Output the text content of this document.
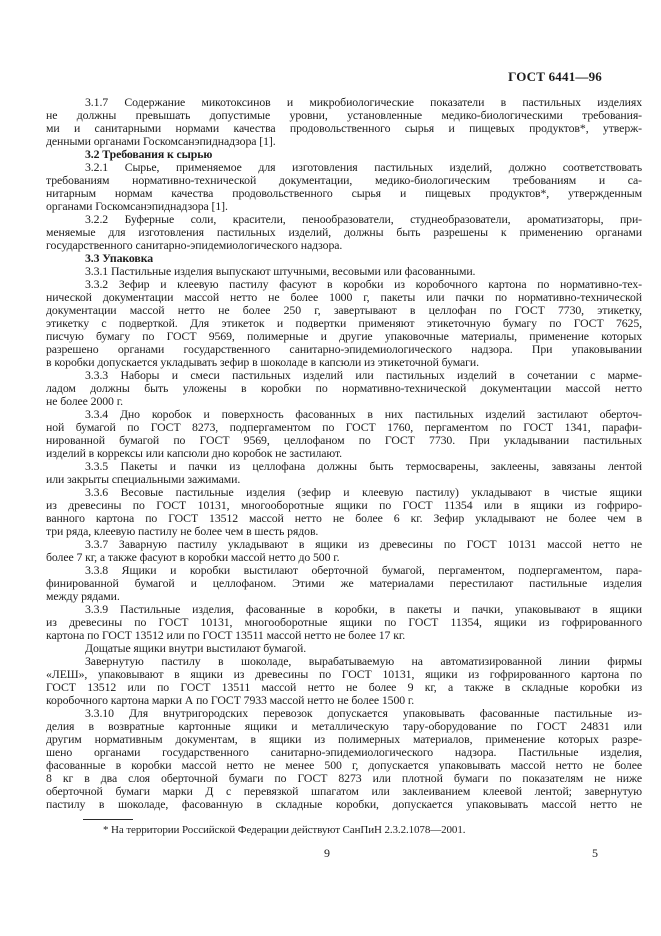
ГОСТ 6441—96
3.1.7 Содержание микотоксинов и микробиологические показатели в пастильных изделиях
не должны превышать допустимые уровни, установленные медико-биологическими требования-
ми и санитарными нормами качества продовольственного сырья и пищевых продуктов*, утверж-
денными органами Госкомсанэпиднадзора [1].
3.2 Требования к сырью
3.2.1 Сырье, применяемое для изготовления пастильных изделий, должно соответствовать
требованиям нормативно-технической документации, медико-биологическим требованиям и са-
нитарным нормам качества продовольственного сырья и пищевых продуктов*, утвержденным
органами Госкомсанэпиднадзора [1].
3.2.2 Буферные соли, красители, пенообразователи, студнеобразователи, ароматизаторы, при-
меняемые для изготовления пастильных изделий, должны быть разрешены к применению органами
государственного санитарно-эпидемиологического надзора.
3.3 Упаковка
3.3.1 Пастильные изделия выпускают штучными, весовыми или фасованными.
3.3.2 Зефир и клеевую пастилу фасуют в коробки из коробочного картона по нормативно-тех-
нической документации массой нетто не более 1000 г, пакеты или пачки по нормативно-технической
документации массой нетто не более 250 г, завертывают в целлофан по ГОСТ 7730, этикетку,
этикетку с подверткой. Для этикеток и подвертки применяют этикеточную бумагу по ГОСТ 7625,
писчую бумагу по ГОСТ 9569, полимерные и другие упаковочные материалы, применение которых
разрешено органами государственного санитарно-эпидемиологического надзора. При упаковывании
в коробки допускается укладывать зефир в шоколаде в капсюли из этикеточной бумаги.
3.3.3 Наборы и смеси пастильных изделий или пастильных изделий в сочетании с марме-
ладом должны быть уложены в коробки по нормативно-технической документации массой нетто
не более 2000 г.
3.3.4 Дно коробок и поверхность фасованных в них пастильных изделий застилают оберточ-
ной бумагой по ГОСТ 8273, подпергаментом по ГОСТ 1760, пергаментом по ГОСТ 1341, парафи-
нированной бумагой по ГОСТ 9569, целлофаном по ГОСТ 7730. При укладывании пастильных
изделий в коррексы или капсюли дно коробок не застилают.
3.3.5 Пакеты и пачки из целлофана должны быть термосварены, заклеены, завязаны лентой
или закрыты специальными зажимами.
3.3.6 Весовые пастильные изделия (зефир и клеевую пастилу) укладывают в чистые ящики
из древесины по ГОСТ 10131, многооборотные ящики по ГОСТ 11354 или в ящики из гофриро-
ванного картона по ГОСТ 13512 массой нетто не более 6 кг. Зефир укладывают не более чем в
три ряда, клеевую пастилу не более чем в шесть рядов.
3.3.7 Заварную пастилу укладывают в ящики из древесины по ГОСТ 10131 массой нетто не
более 7 кг, а также фасуют в коробки массой нетто до 500 г.
3.3.8 Ящики и коробки выстилают оберточной бумагой, пергаментом, подпергаментом, пара-
финированной бумагой и целлофаном. Этими же материалами перестилают пастильные изделия
между рядами.
3.3.9 Пастильные изделия, фасованные в коробки, в пакеты и пачки, упаковывают в ящики
из древесины по ГОСТ 10131, многооборотные ящики по ГОСТ 11354, ящики из гофрированного
картона по ГОСТ 13512 или по ГОСТ 13511 массой нетто не более 17 кг.
Дощатые ящики внутри выстилают бумагой.
Завернутую пастилу в шоколаде, вырабатываемую на автоматизированной линии фирмы
«ЛЕШ», упаковывают в ящики из древесины по ГОСТ 10131, ящики из гофрированного картона по
ГОСТ 13512 или по ГОСТ 13511 массой нетто не более 9 кг, а также в складные коробки из
коробочного картона марки А по ГОСТ 7933 массой нетто не более 1500 г.
3.3.10 Для внутригородских перевозок допускается упаковывать фасованные пастильные из-
делия в возвратные картонные ящики и металлическую тару-оборудование по ГОСТ 24831 или
другим нормативным документам, в ящики из полимерных материалов, применение которых разре-
шено органами государственного санитарно-эпидемиологического надзора. Пастильные изделия,
фасованные в коробки массой нетто не менее 500 г, допускается упаковывать массой нетто не более
8 кг в два слоя оберточной бумаги по ГОСТ 8273 или плотной бумаги по показателям не ниже
оберточной бумаги марки Д с перевязкой шпагатом или заклеиванием клеевой лентой; завернутую
пастилу в шоколаде, фасованную в складные коробки, допускается упаковывать массой нетто не
* На территории Российской Федерации действуют СанПиН 2.3.2.1078—2001.
9	5
